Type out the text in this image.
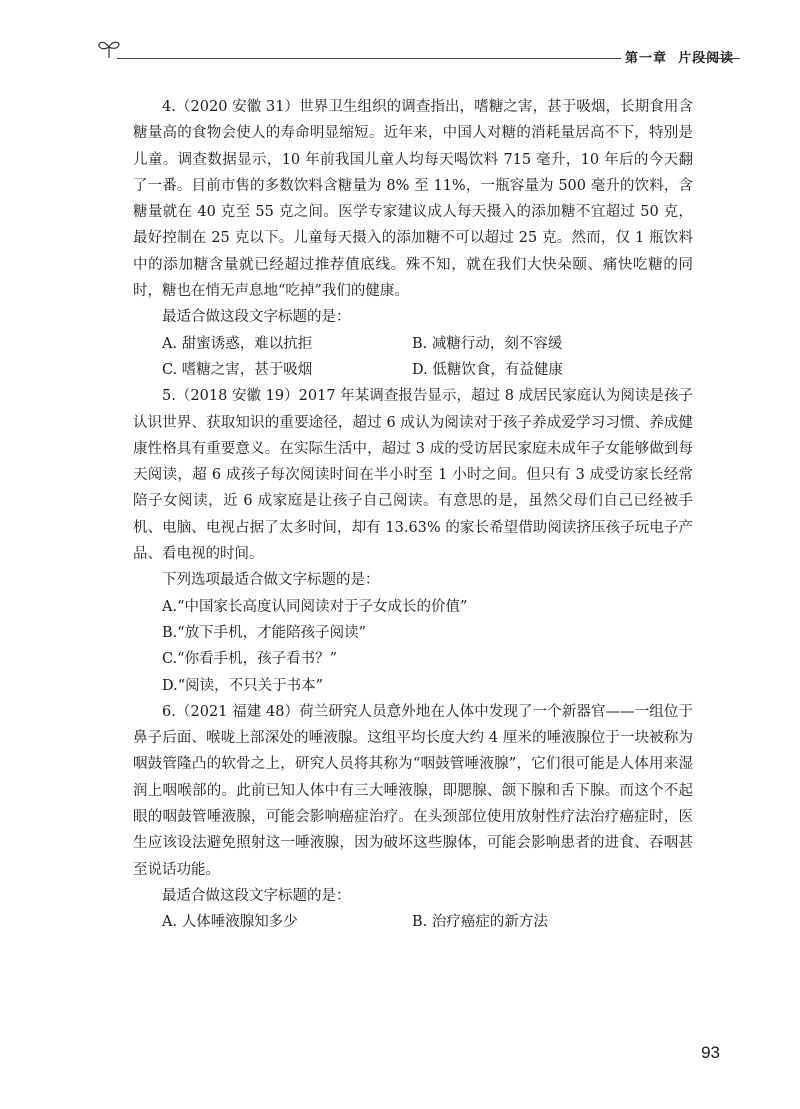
第一章 片段阅读

4.（2020 安徽 31）世界卫生组织的调查指出，嗜糖之害，甚于吸烟，长期食用含糖量高的食物会使人的寿命明显缩短。近年来，中国人对糖的消耗量居高不下，特别是儿童。调查数据显示，10 年前我国儿童人均每天喝饮料 715 毫升，10 年后的今天翻了一番。目前市售的多数饮料含糖量为 8% 至 11%，一瓶容量为 500 毫升的饮料，含糖量就在 40 克至 55 克之间。医学专家建议成人每天摄入的添加糖不宜超过 50 克，最好控制在 25 克以下。儿童每天摄入的添加糖不可以超过 25 克。然而，仅 1 瓶饮料中的添加糖含量就已经超过推荐值底线。殊不知，就在我们大快朵颐、痛快吃糖的同时，糖也在悄无声息地“吃掉”我们的健康。

最适合做这段文字标题的是：

A. 甜蜜诱惑，难以抗拒	B. 减糖行动，刻不容缓
C. 嗜糖之害，甚于吸烟	D. 低糖饮食，有益健康

5.（2018 安徽 19）2017 年某调查报告显示，超过 8 成居民家庭认为阅读是孩子认识世界、获取知识的重要途径，超过 6 成认为阅读对于孩子养成爱学习习惯、养成健康性格具有重要意义。在实际生活中，超过 3 成的受访居民家庭未成年子女能够做到每天阅读，超 6 成孩子每次阅读时间在半小时至 1 小时之间。但只有 3 成受访家长经常陪子女阅读，近 6 成家庭是让孩子自己阅读。有意思的是，虽然父母们自己已经被手机、电脑、电视占据了太多时间，却有 13.63% 的家长希望借助阅读挤压孩子玩电子产品、看电视的时间。

下列选项最适合做文字标题的是：

A.“中国家长高度认同阅读对于子女成长的价值”

B.“放下手机，才能陪孩子阅读”

C.“你看手机，孩子看书？”

D.“阅读，不只关于书本”

6.（2021 福建 48）荷兰研究人员意外地在人体中发现了一个新器官——一组位于鼻子后面、喉咙上部深处的唾液腺。这组平均长度大约 4 厘米的唾液腺位于一块被称为咽鼓管隆凸的软骨之上，研究人员将其称为“咽鼓管唾液腺”，它们很可能是人体用来湿润上咽喉部的。此前已知人体中有三大唾液腺，即腮腺、颌下腺和舌下腺。而这个不起眼的咽鼓管唾液腺，可能会影响癌症治疗。在头颈部位使用放射性疗法治疗癌症时，医生应该设法避免照射这一唾液腺，因为破坏这些腺体，可能会影响患者的进食、吞咽甚至说话功能。

最适合做这段文字标题的是：

A. 人体唾液腺知多少	B. 治疗癌症的新方法
93
